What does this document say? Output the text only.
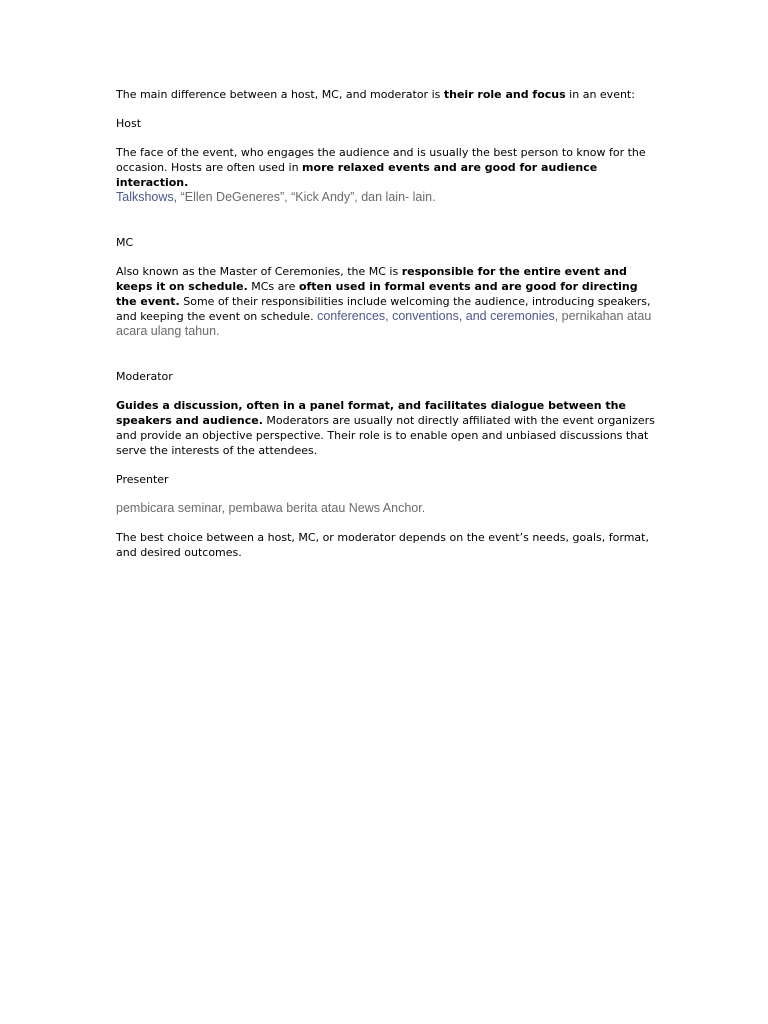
The main difference between a host, MC, and moderator is their role and focus in an event:

Host

The face of the event, who engages the audience and is usually the best person to know for the occasion. Hosts are often used in more relaxed events and are good for audience interaction.

Talkshows, “Ellen DeGeneres”, “Kick Andy”, dan lain- lain.

MC

Also known as the Master of Ceremonies, the MC is responsible for the entire event and keeps it on schedule. MCs are often used in formal events and are good for directing the event. Some of their responsibilities include welcoming the audience, introducing speakers, and keeping the event on schedule. conferences, conventions, and ceremonies, pernikahan atau acara ulang tahun.

Moderator

Guides a discussion, often in a panel format, and facilitates dialogue between the speakers and audience. Moderators are usually not directly affiliated with the event organizers and provide an objective perspective. Their role is to enable open and unbiased discussions that serve the interests of the attendees.

Presenter

pembicara seminar, pembawa berita atau News Anchor.

The best choice between a host, MC, or moderator depends on the event’s needs, goals, format, and desired outcomes.
